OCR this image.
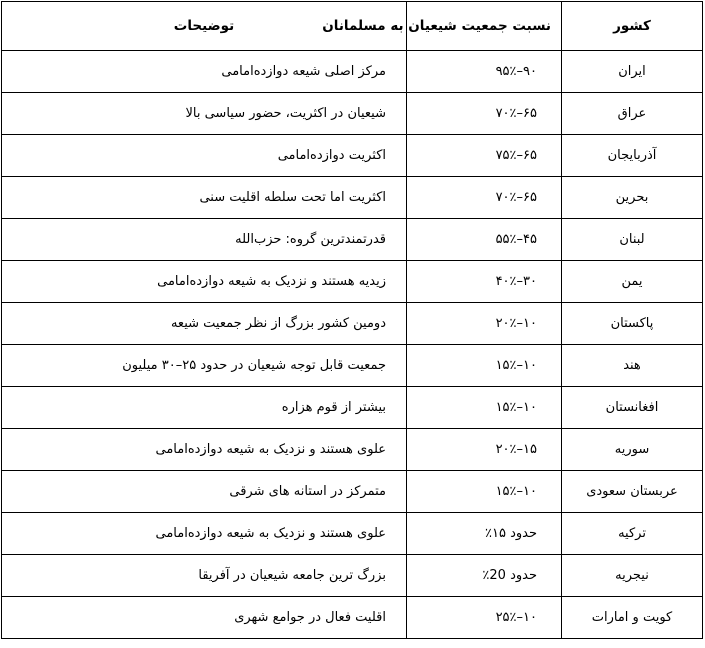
کشور	نسبت جمعیت شیعیان به مسلمانان	توضیحات
ایران	۹۰–۹۵٪	مرکز اصلی شیعه دوازده‌امامی
عراق	۶۵–۷۰٪	شیعیان در اکثریت، حضور سیاسی بالا
آذربایجان	۶۵–۷۵٪	اکثریت دوازده‌امامی
بحرین	۶۵–۷۰٪	اکثریت اما تحت سلطه اقلیت سنی
لبنان	۴۵–۵۵٪	قدرتمندترین گروه: حزب‌الله
یمن	۳۰–۴۰٪	زیدیه هستند و نزدیک به شیعه دوازده‌امامی
پاکستان	۱۰–۲۰٪	دومین کشور بزرگ از نظر جمعیت شیعه
هند	۱۰–۱۵٪	جمعیت قابل توجه شیعیان در حدود ۲۵–۳۰ میلیون
افغانستان	۱۰–۱۵٪	بیشتر از قوم هزاره
سوریه	۱۵–۲۰٪	علوی هستند و نزدیک به شیعه دوازده‌امامی
عربستان سعودی	۱۰–۱۵٪	متمرکز در استانه های شرقی
ترکیه	حدود ۱۵٪	علوی هستند و نزدیک به شیعه دوازده‌امامی
نیجریه	حدود 20٪	بزرگ ترین جامعه شیعیان در آفریقا
کویت و امارات	۱۰–۲۵٪	اقلیت فعال در جوامع شهری
